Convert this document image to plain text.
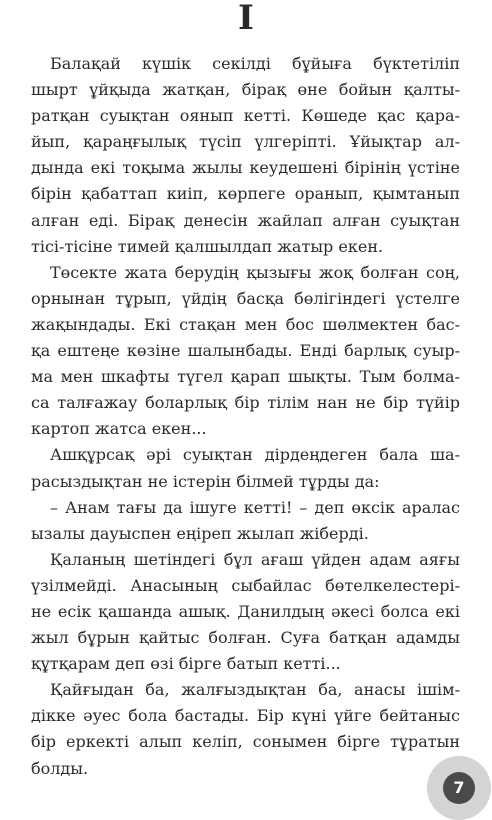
I
Балақай күшік секілді бұйыға бүктетіліп
шырт ұйқыда жатқан, бірақ өне бойын қалты-
ратқан суықтан оянып кетті. Көшеде қас қара-
йып, қараңғылық түсіп үлгеріпті. Ұйықтар ал-
дында екі тоқыма жылы кеудешені бірінің үстіне
бірін қабаттап киіп, көрпеге оранып, қымтанып
алған еді. Бірақ денесін жайлап алған суықтан
тісі-тісіне тимей қалшылдап жатыр екен.
Төсекте жата берудің қызығы жоқ болған соң,
орнынан тұрып, үйдің басқа бөлігіндегі үстелге
жақындады. Екі стақан мен бос шөлмектен бас-
қа ештеңе көзіне шалынбады. Енді барлық суыр-
ма мен шкафты түгел қарап шықты. Тым болма-
са талғажау боларлық бір тілім нан не бір түйір
картоп жатса екен...
Ашқұрсақ әрі суықтан дірдеңдеген бала ша-
расыздықтан не істерін білмей тұрды да:
– Анам тағы да ішуге кетті! – деп өксік аралас
ызалы дауыспен еңіреп жылап жіберді.
Қаланың шетіндегі бұл ағаш үйден адам аяғы
үзілмейді. Анасының сыбайлас бөтелкелестері-
не есік қашанда ашық. Данилдың әкесі болса екі
жыл бұрын қайтыс болған. Суға батқан адамды
құтқарам деп өзі бірге батып кетті...
Қайғыдан ба, жалғыздықтан ба, анасы ішім-
дікке әуес бола бастады. Бір күні үйге бейтаныс
бір еркекті алып келіп, сонымен бірге тұратын
болды.
7
